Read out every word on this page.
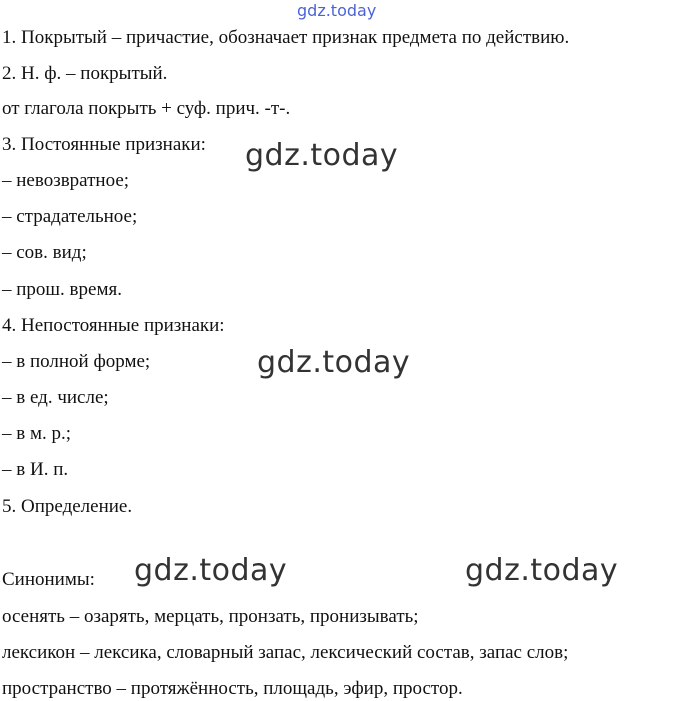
gdz.today
1. Покрытый – причастие, обозначает признак предмета по действию.
2. Н. ф. – покрытый.
от глагола покрыть + суф. прич. -т-.
3. Постоянные признаки:
– невозвратное;
– страдательное;
– сов. вид;
– прош. время.
4. Непостоянные признаки:
– в полной форме;
– в ед. числе;
– в м. р.;
– в И. п.
5. Определение.
Синонимы:
осенять – озарять, мерцать, пронзать, пронизывать;
лексикон – лексика, словарный запас, лексический состав, запас слов;
пространство – протяжённость, площадь, эфир, простор.
gdz.today
gdz.today
gdz.today	gdz.today
